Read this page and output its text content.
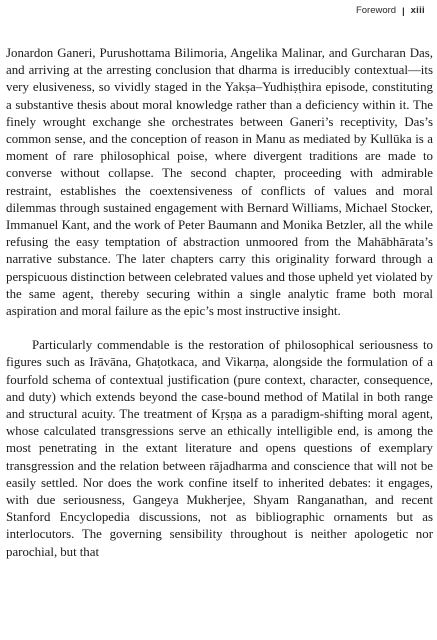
Foreword | xiii

Jonardon Ganeri, Purushottama Bilimoria, Angelika Malinar, and Gurcharan Das, and arriving at the arresting conclusion that dharma is irreducibly contextual—its very elusiveness, so vividly staged in the Yakṣa–Yudhiṣṭhira episode, constituting a substantive thesis about moral knowledge rather than a deficiency within it. The finely wrought exchange she orchestrates between Ganeri’s receptivity, Das’s common sense, and the conception of reason in Manu as mediated by Kullūka is a moment of rare philosophical poise, where divergent traditions are made to converse without collapse. The second chapter, proceeding with admirable restraint, establishes the coextensiveness of conflicts of values and moral dilemmas through sustained engagement with Bernard Williams, Michael Stocker, Immanuel Kant, and the work of Peter Baumann and Monika Betzler, all the while refusing the easy temptation of abstraction unmoored from the Mahābhārata’s narrative substance. The later chapters carry this originality forward through a perspicuous distinction between celebrated values and those upheld yet violated by the same agent, thereby securing within a single analytic frame both moral aspiration and moral failure as the epic’s most instructive insight.

Particularly commendable is the restoration of philosophical seriousness to figures such as Irāvāna, Ghaṭotkaca, and Vikarṇa, alongside the formulation of a fourfold schema of contextual justification (pure context, character, consequence, and duty) which extends beyond the case-bound method of Matilal in both range and structural acuity. The treatment of Kṛṣṇa as a paradigm-shifting moral agent, whose calculated transgressions serve an ethically intelligible end, is among the most penetrating in the extant literature and opens questions of exemplary transgression and the relation between rājadharma and conscience that will not be easily settled. Nor does the work confine itself to inherited debates: it engages, with due seriousness, Gangeya Mukherjee, Shyam Ranganathan, and recent Stanford Encyclopedia discussions, not as bibliographic ornaments but as interlocutors. The governing sensibility throughout is neither apologetic nor parochial, but that
